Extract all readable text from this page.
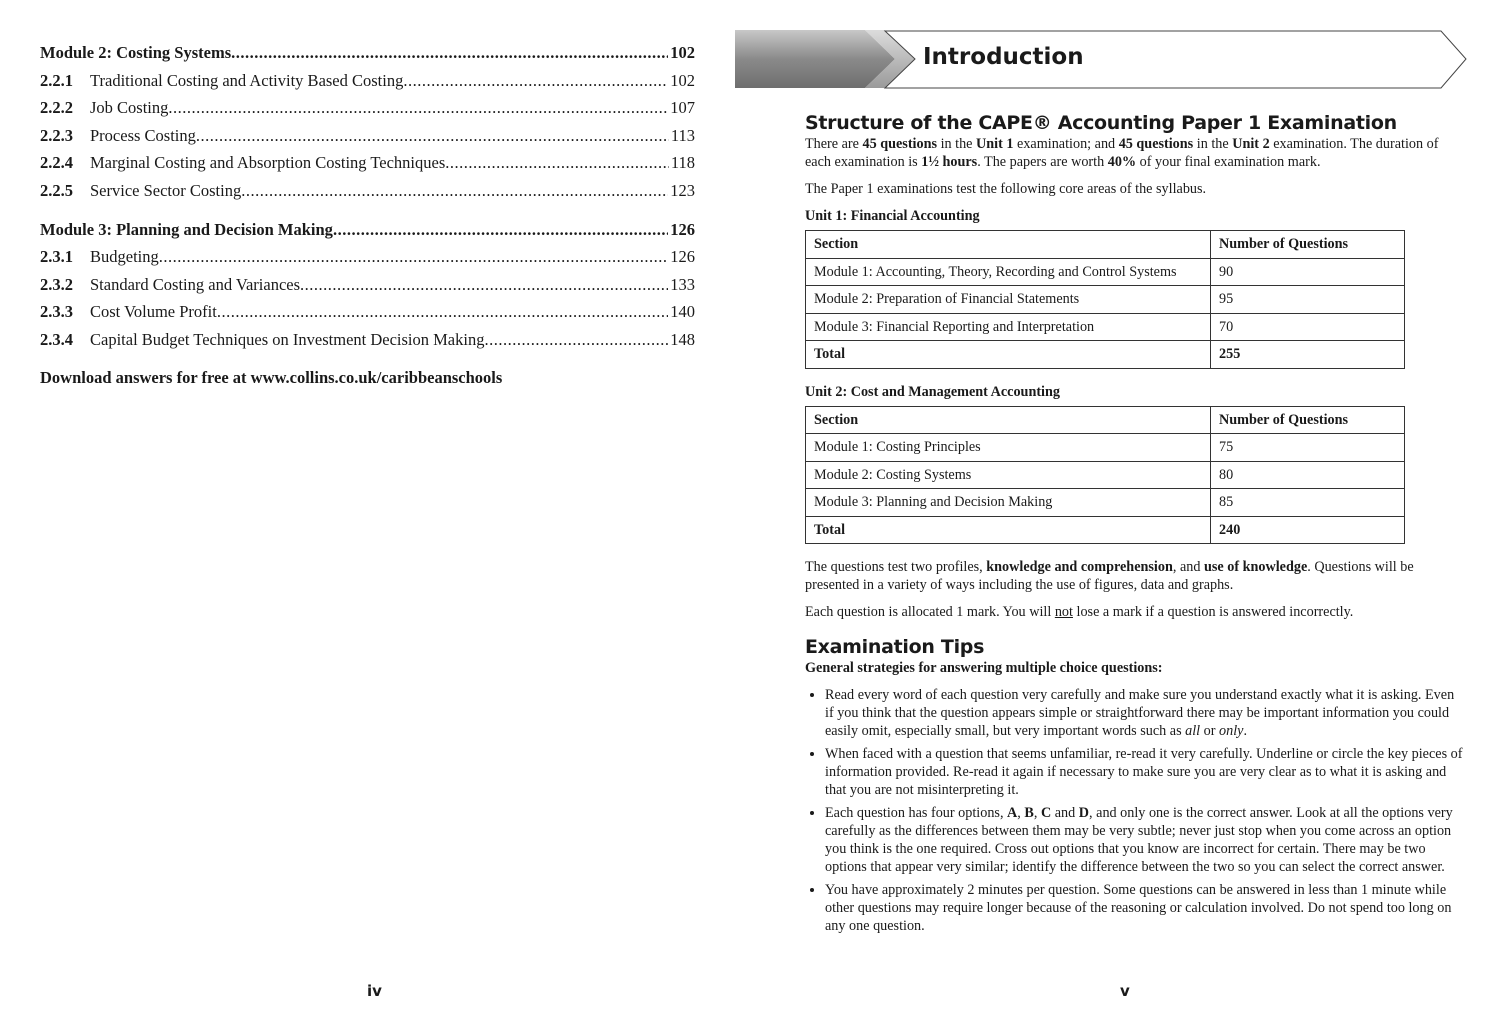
Module 2: Costing Systems .....	102
2.2.1	Traditional Costing and Activity Based Costing .....	102
2.2.2	Job Costing .....	107
2.2.3	Process Costing .....	113
2.2.4	Marginal Costing and Absorption Costing Techniques .....	118
2.2.5	Service Sector Costing .....	123
Module 3: Planning and Decision Making .....	126
2.3.1	Budgeting .....	126
2.3.2	Standard Costing and Variances .....	133
2.3.3	Cost Volume Profit .....	140
2.3.4	Capital Budget Techniques on Investment Decision Making .....	148
Download answers for free at www.collins.co.uk/caribbeanschools
iv
Introduction
Structure of the CAPE® Accounting Paper 1 Examination

There are 45 questions in the Unit 1 examination; and 45 questions in the Unit 2 examination. The duration of each examination is 1½ hours. The papers are worth 40% of your final examination mark.

The Paper 1 examinations test the following core areas of the syllabus.

Unit 1: Financial Accounting
Section	Number of Questions
Module 1: Accounting, Theory, Recording and Control Systems	90
Module 2: Preparation of Financial Statements	95
Module 3: Financial Reporting and Interpretation	70
Total	255
Unit 2: Cost and Management Accounting
Section	Number of Questions
Module 1: Costing Principles	75
Module 2: Costing Systems	80
Module 3: Planning and Decision Making	85
Total	240

The questions test two profiles, knowledge and comprehension, and use of knowledge. Questions will be presented in a variety of ways including the use of figures, data and graphs.

Each question is allocated 1 mark. You will not lose a mark if a question is answered incorrectly.

Examination Tips
General strategies for answering multiple choice questions:
• Read every word of each question very carefully and make sure you understand exactly what it is asking. Even if you think that the question appears simple or straightforward there may be important information you could easily omit, especially small, but very important words such as all or only.
• When faced with a question that seems unfamiliar, re-read it very carefully. Underline or circle the key pieces of information provided. Re-read it again if necessary to make sure you are very clear as to what it is asking and that you are not misinterpreting it.
• Each question has four options, A, B, C and D, and only one is the correct answer. Look at all the options very carefully as the differences between them may be very subtle; never just stop when you come across an option you think is the one required. Cross out options that you know are incorrect for certain. There may be two options that appear very similar; identify the difference between the two so you can select the correct answer.
• You have approximately 2 minutes per question. Some questions can be answered in less than 1 minute while other questions may require longer because of the reasoning or calculation involved. Do not spend too long on any one question.
v
